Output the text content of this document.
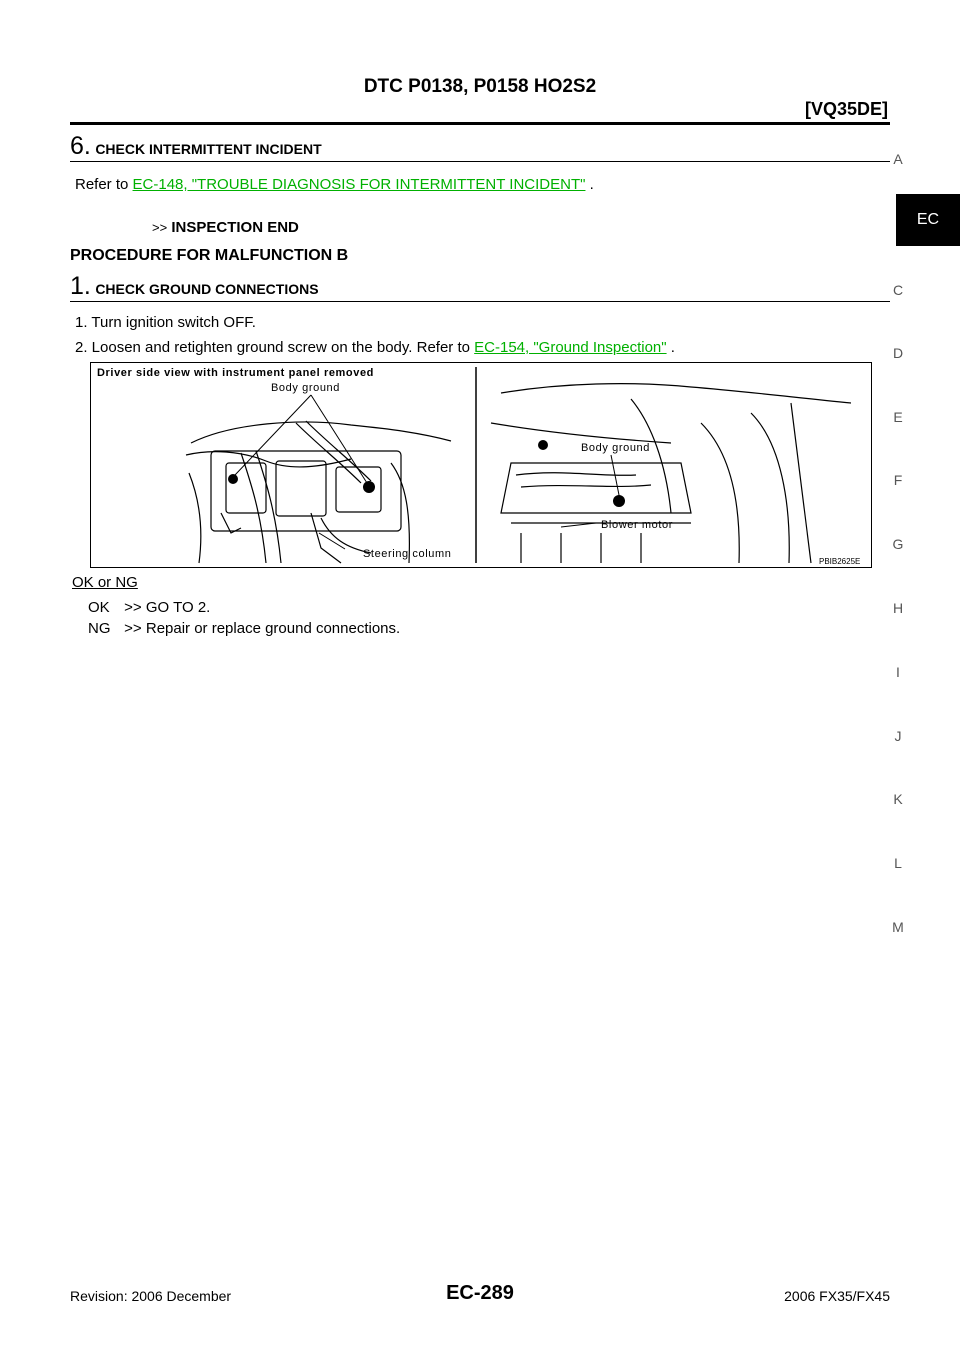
DTC P0138, P0158 HO2S2
[VQ35DE]
6. CHECK INTERMITTENT INCIDENT
Refer to EC-148, "TROUBLE DIAGNOSIS FOR INTERMITTENT INCIDENT" .
>> INSPECTION END
PROCEDURE FOR MALFUNCTION B
1. CHECK GROUND CONNECTIONS
1. Turn ignition switch OFF.
2. Loosen and retighten ground screw on the body. Refer to EC-154, "Ground Inspection" .
Driver side view with instrument panel removed
Body ground
Steering column
Body ground
Blower motor
PBIB2625E
OK or NG
OK >> GO TO 2.
NG >> Repair or replace ground connections.
A
EC
C
D
E
F
G
H
I
J
K
L
M
Revision: 2006 December	EC-289	2006 FX35/FX45
